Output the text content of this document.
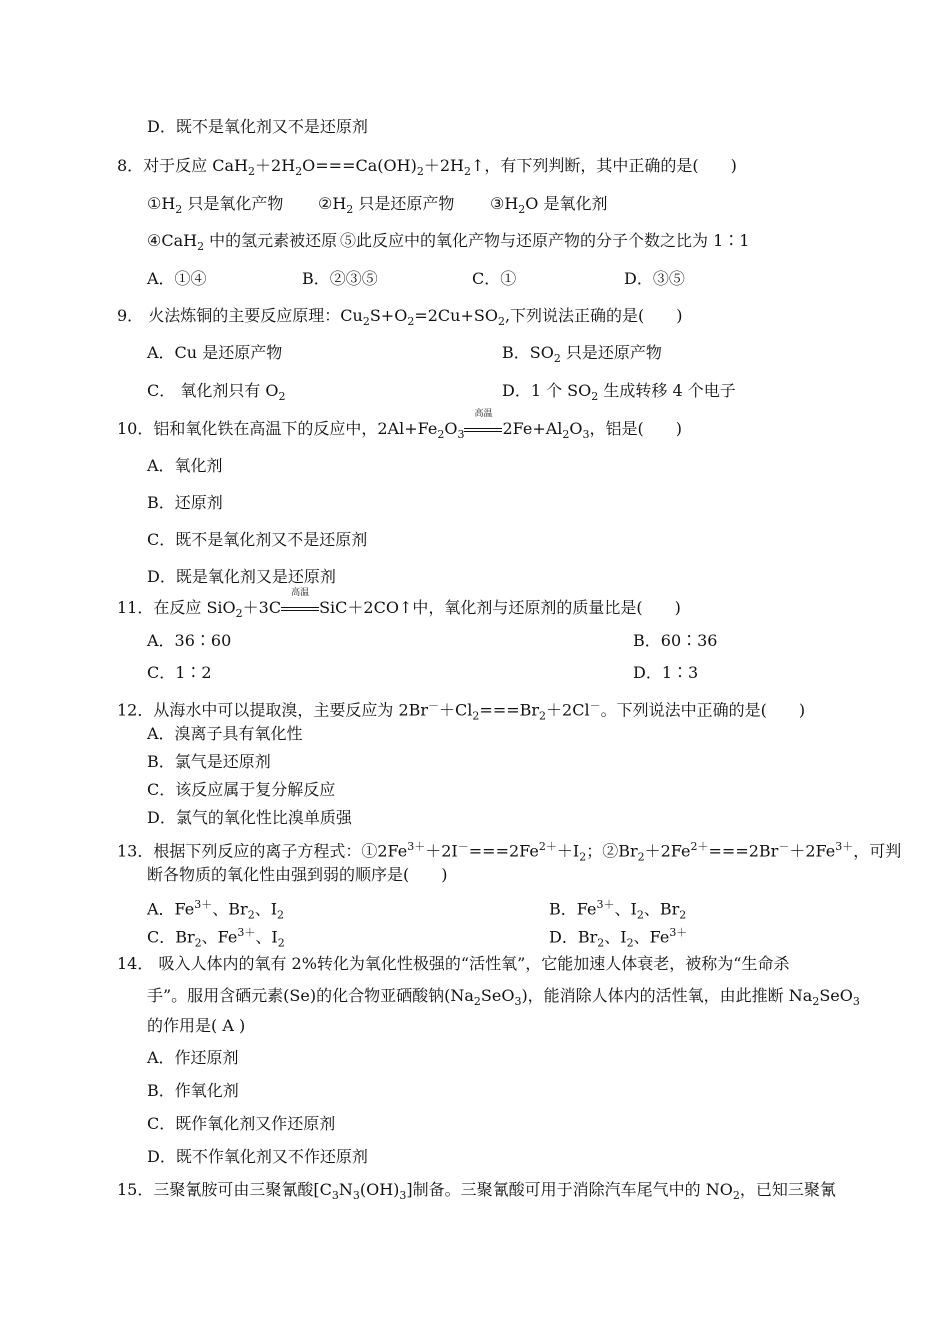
D．既不是氧化剂又不是还原剂
8．对于反应 $CaH_2+2H_2O===Ca(OH)_2+2H_2↑$，有下列判断，其中正确的是(　　)
$①H_2$ 只是氧化产物 $②H_2$ 只是还原产物 $③H_2O$ 是氧化剂
④CaH$_2$ 中的氢元素被还原 ⑤此反应中的氧化产物与还原产物的分子个数之比为 1∶1
A．①④	B．②③⑤	C．①	D．③⑤
9． 火法炼铜的主要反应原理：$Cu_2S+O_2=2Cu+SO_2$,下列说法正确的是(　　)
A．Cu 是还原产物	B．$SO_2$ 只是还原产物
C． 氧化剂只有 $O_2$	D．1 个 $SO_2$ 生成转移 4 个电子
10．铝和氧化铁在高温下的反应中，$2Al+Fe_2O_3$
高温
$2Fe+Al_2O_3$，铝是(　　)
A．氧化剂
B．还原剂
C．既不是氧化剂又不是还原剂
D．既是氧化剂又是还原剂
11．在反应 SiO$_2$＋3C
高温
SiC＋2CO↑中，氧化剂与还原剂的质量比是(　　)
A．36∶60	B．60∶36
C．1∶2	D．1∶3
12．从海水中可以提取溴，主要反应为 $2Br^-+Cl_2===Br_2+2Cl^-$。下列说法中正确的是(　　)
A．溴离子具有氧化性
B．氯气是还原剂
C．该反应属于复分解反应
D．氯气的氧化性比溴单质强
13．根据下列反应的离子方程式：$①2Fe^{3+}+2I^-===2Fe^{2+}+I_2$；$②Br_2+2Fe^{2+}===2Br^-+2Fe^{3+}$，可判
断各物质的氧化性由强到弱的顺序是(　　)
A．$Fe^{3+}$、$Br_2$、$I_2$	B．$Fe^{3+}$、$I_2$、$Br_2$
C．$Br_2$、$Fe^{3+}$、$I_2$	D．$Br_2$、$I_2$、$Fe^{3+}$
14． 吸入人体内的氧有 2%转化为氧化性极强的“活性氧”，它能加速人体衰老，被称为“生命杀
手”。服用含硒元素(Se)的化合物亚硒酸钠$(Na_2SeO_3)$，能消除人体内的活性氧，由此推断 $Na_2SeO_3$
的作用是( A )
A．作还原剂
B．作氧化剂
C．既作氧化剂又作还原剂
D．既不作氧化剂又不作还原剂
15．三聚氰胺可由三聚氰酸$[C_3N_3(OH)_3]$制备。三聚氰酸可用于消除汽车尾气中的 $NO_2$，已知三聚氰
